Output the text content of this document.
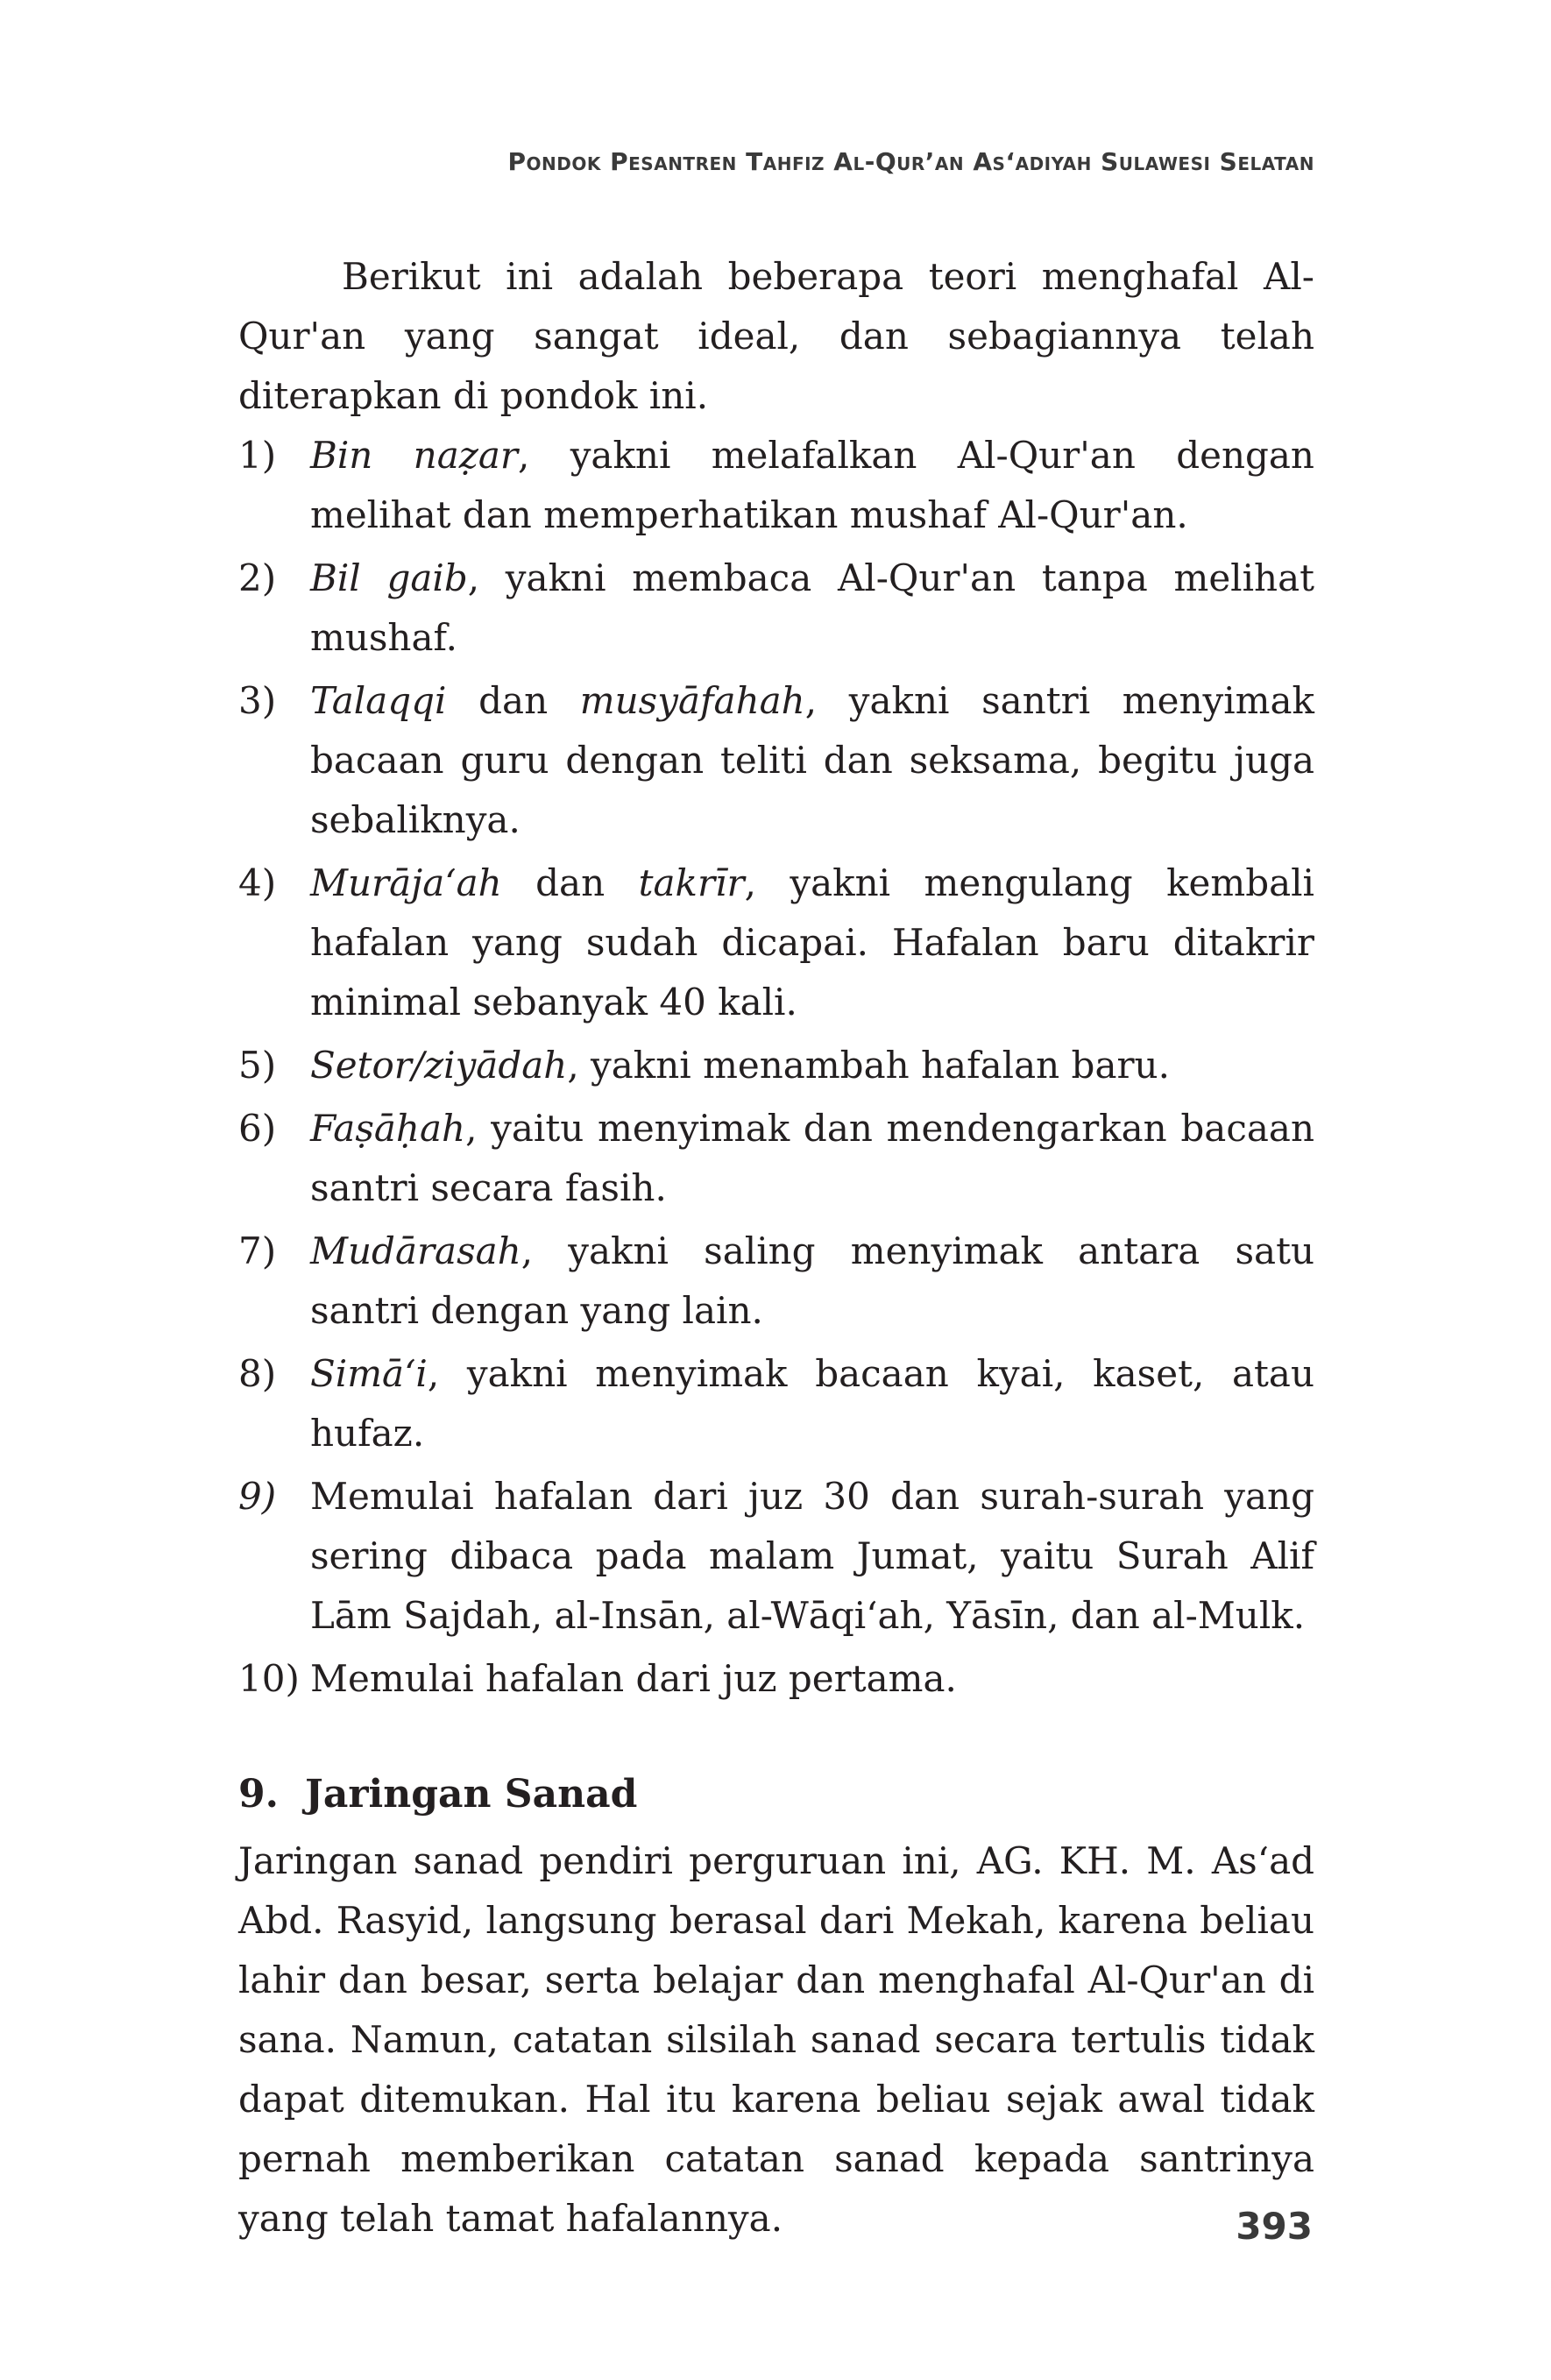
Pondok Pesantren Tahfiz Al-Qur’an As‘adiyah Sulawesi Selatan

Berikut ini adalah beberapa teori menghafal Al-Qur'an yang sangat ideal, dan sebagiannya telah diterapkan di pondok ini.

1) Bin naẓar, yakni melafalkan Al-Qur'an dengan melihat dan memperhatikan mushaf Al-Qur'an.
2) Bil gaib, yakni membaca Al-Qur'an tanpa melihat mushaf.
3) Talaqqi dan musyāfahah, yakni santri menyimak bacaan guru dengan teliti dan seksama, begitu juga sebaliknya.
4) Murāja‘ah dan takrīr, yakni mengulang kembali hafalan yang sudah dicapai. Hafalan baru ditakrir minimal sebanyak 40 kali.
5) Setor/ziyādah, yakni menambah hafalan baru.
6) Faṣāḥah, yaitu menyimak dan mendengarkan bacaan santri secara fasih.
7) Mudārasah, yakni saling menyimak antara satu santri dengan yang lain.
8) Simā‘i, yakni menyimak bacaan kyai, kaset, atau hufaz.
9) Memulai hafalan dari juz 30 dan surah-surah yang sering dibaca pada malam Jumat, yaitu Surah Alif Lām Sajdah, al-Insān, al-Wāqi‘ah, Yāsīn, dan al-Mulk.
10) Memulai hafalan dari juz pertama.
9. Jaringan Sanad

Jaringan sanad pendiri perguruan ini, AG. KH. M. As‘ad Abd. Rasyid, langsung berasal dari Mekah, karena beliau lahir dan besar, serta belajar dan menghafal Al-Qur'an di sana. Namun, catatan silsilah sanad secara tertulis tidak dapat ditemukan. Hal itu karena beliau sejak awal tidak pernah memberikan catatan sanad kepada santrinya yang telah tamat hafalannya.	393
